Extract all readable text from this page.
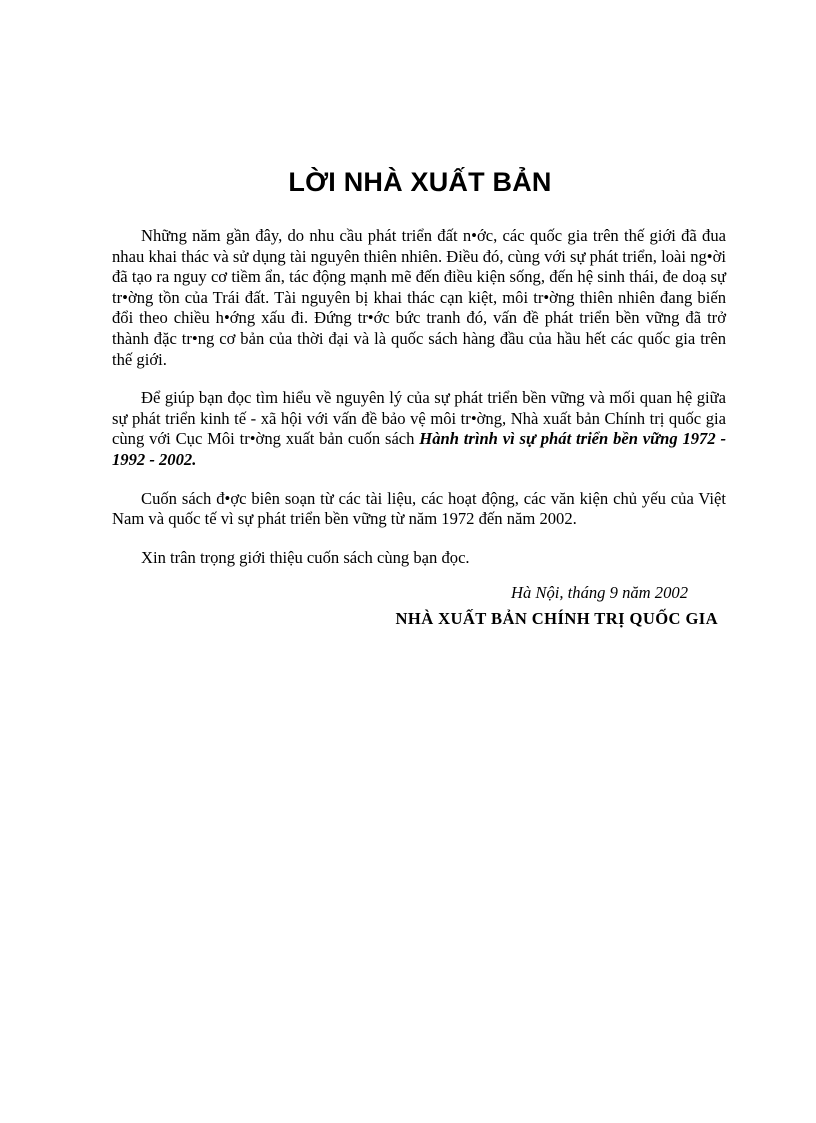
LỜI NHÀ XUẤT BẢN

Những năm gần đây, do nhu cầu phát triển đất n•ớc, các quốc gia trên thế giới đã đua nhau khai thác và sử dụng tài nguyên thiên nhiên. Điều đó, cùng với sự phát triển, loài ng•ời đã tạo ra nguy cơ tiềm ẩn, tác động mạnh mẽ đến điều kiện sống, đến hệ sinh thái, đe doạ sự tr•ờng tồn của Trái đất. Tài nguyên bị khai thác cạn kiệt, môi tr•ờng thiên nhiên đang biến đổi theo chiều h•ớng xấu đi. Đứng tr•ớc bức tranh đó, vấn đề phát triển bền vững đã trở thành đặc tr•ng cơ bản của thời đại và là quốc sách hàng đầu của hầu hết các quốc gia trên thế giới.

Để giúp bạn đọc tìm hiểu về nguyên lý của sự phát triển bền vững và mối quan hệ giữa sự phát triển kinh tế - xã hội với vấn đề bảo vệ môi tr•ờng, Nhà xuất bản Chính trị quốc gia cùng với Cục Môi tr•ờng xuất bản cuốn sách Hành trình vì sự phát triển bền vững 1972 - 1992 - 2002.

Cuốn sách đ•ợc biên soạn từ các tài liệu, các hoạt động, các văn kiện chủ yếu của Việt Nam và quốc tế vì sự phát triển bền vững từ năm 1972 đến năm 2002.

Xin trân trọng giới thiệu cuốn sách cùng bạn đọc.

Hà Nội, tháng 9 năm 2002
NHÀ XUẤT BẢN CHÍNH TRỊ QUỐC GIA
